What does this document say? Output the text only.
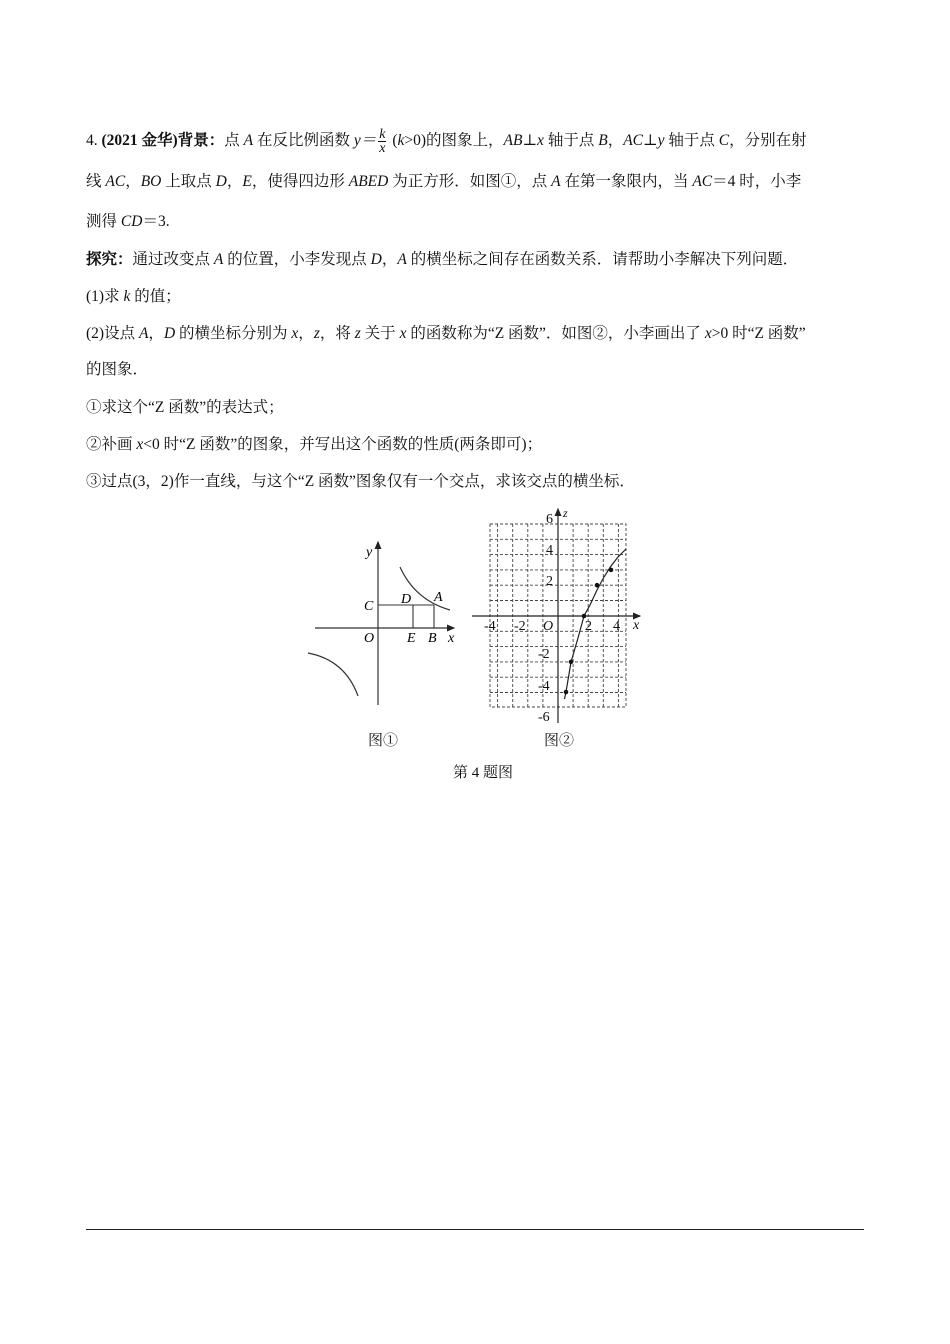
4. (2021 金华)背景：点 A 在反比例函数 $y= \frac{k}{x} (k>0)$的图象上，AB⊥x 轴于点 B，AC⊥y 轴于点 C，分别在射
线 AC，BO 上取点 D，E，使得四边形 ABED 为正方形．如图①，点 A 在第一象限内，当 AC＝4 时，小李
测得 CD＝3.
探究：通过改变点 A 的位置，小李发现点 D，A 的横坐标之间存在函数关系．请帮助小李解决下列问题．
(1)求 k 的值；
(2)设点 A，D 的横坐标分别为 x，z，将 z 关于 x 的函数称为“Z 函数”．如图②，小李画出了 x>0 时“Z 函数”
的图象．
①求这个“Z 函数”的表达式；
②补画 x<0 时“Z 函数”的图象，并写出这个函数的性质(两条即可)；
③过点(3，2)作一直线，与这个“Z 函数”图象仅有一个交点，求该交点的横坐标．
y
x
O
C D A
E B
6
4
2
-2
-4
-6
-4 -2	2 4
O	x
z
图①	图②
第 4 题图
